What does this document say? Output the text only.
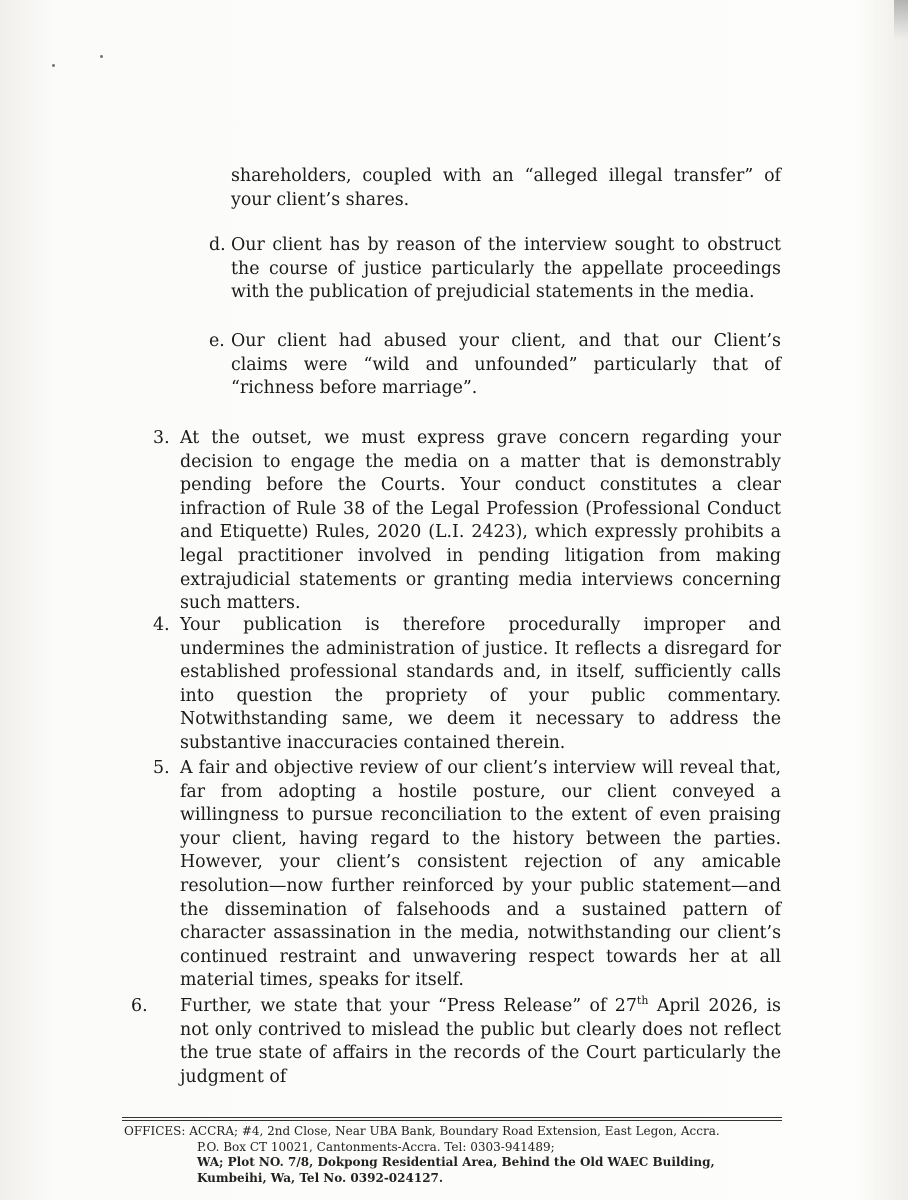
shareholders, coupled with an “alleged illegal transfer” of your client’s shares.
d. Our client has by reason of the interview sought to obstruct the course of justice particularly the appellate proceedings with the publication of prejudicial statements in the media.
e. Our client had abused your client, and that our Client’s claims were “wild and unfounded” particularly that of “richness before marriage”.
3. At the outset, we must express grave concern regarding your decision to engage the media on a matter that is demonstrably pending before the Courts. Your conduct constitutes a clear infraction of Rule 38 of the Legal Profession (Professional Conduct and Etiquette) Rules, 2020 (L.I. 2423), which expressly prohibits a legal practitioner involved in pending litigation from making extrajudicial statements or granting media interviews concerning such matters.
4. Your publication is therefore procedurally improper and undermines the administration of justice. It reflects a disregard for established professional standards and, in itself, sufficiently calls into question the propriety of your public commentary. Notwithstanding same, we deem it necessary to address the substantive inaccuracies contained therein.
5. A fair and objective review of our client’s interview will reveal that, far from adopting a hostile posture, our client conveyed a willingness to pursue reconciliation to the extent of even praising your client, having regard to the history between the parties. However, your client’s consistent rejection of any amicable resolution—now further reinforced by your public statement—and the dissemination of falsehoods and a sustained pattern of character assassination in the media, notwithstanding our client’s continued restraint and unwavering respect towards her at all material times, speaks for itself.
6. Further, we state that your “Press Release” of 27th April 2026, is not only contrived to mislead the public but clearly does not reflect the true state of affairs in the records of the Court particularly the judgment of
OFFICES: ACCRA; #4, 2nd Close, Near UBA Bank, Boundary Road Extension, East Legon, Accra.
P.O. Box CT 10021, Cantonments-Accra. Tel: 0303-941489;
WA; Plot NO. 7/8, Dokpong Residential Area, Behind the Old WAEC Building,
Kumbeihi, Wa, Tel No. 0392-024127.
